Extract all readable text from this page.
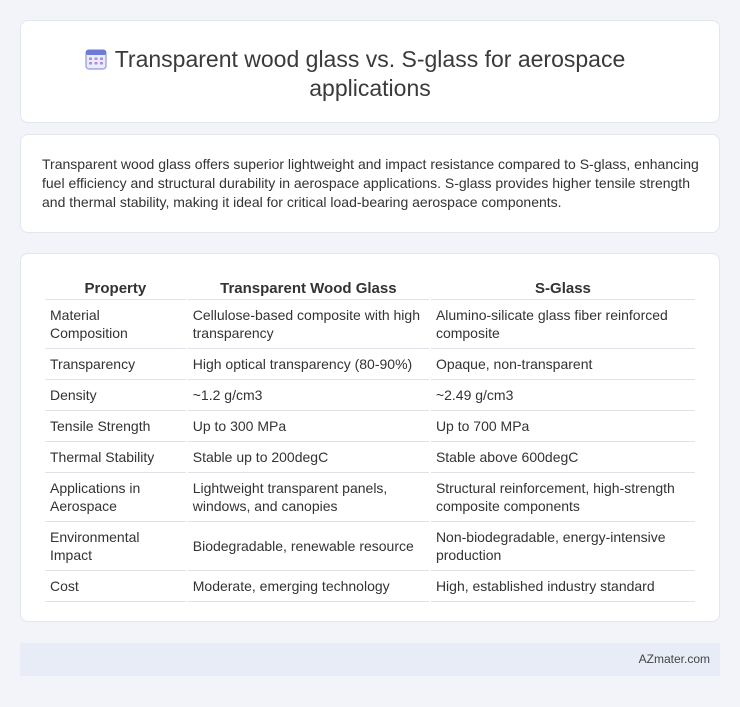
Transparent wood glass vs. S-glass for aerospace applications

Transparent wood glass offers superior lightweight and impact resistance compared to S-glass, enhancing fuel efficiency and structural durability in aerospace applications. S-glass provides higher tensile strength and thermal stability, making it ideal for critical load-bearing aerospace components.

Property	Transparent Wood Glass	S-Glass
Material Composition	Cellulose-based composite with high transparency	Alumino-silicate glass fiber reinforced composite
Transparency	High optical transparency (80-90%)	Opaque, non-transparent
Density	~1.2 g/cm3	~2.49 g/cm3
Tensile Strength	Up to 300 MPa	Up to 700 MPa
Thermal Stability	Stable up to 200degC	Stable above 600degC
Applications in Aerospace	Lightweight transparent panels, windows, and canopies	Structural reinforcement, high-strength composite components
Environmental Impact	Biodegradable, renewable resource	Non-biodegradable, energy-intensive production
Cost	Moderate, emerging technology	High, established industry standard
AZmater.com
